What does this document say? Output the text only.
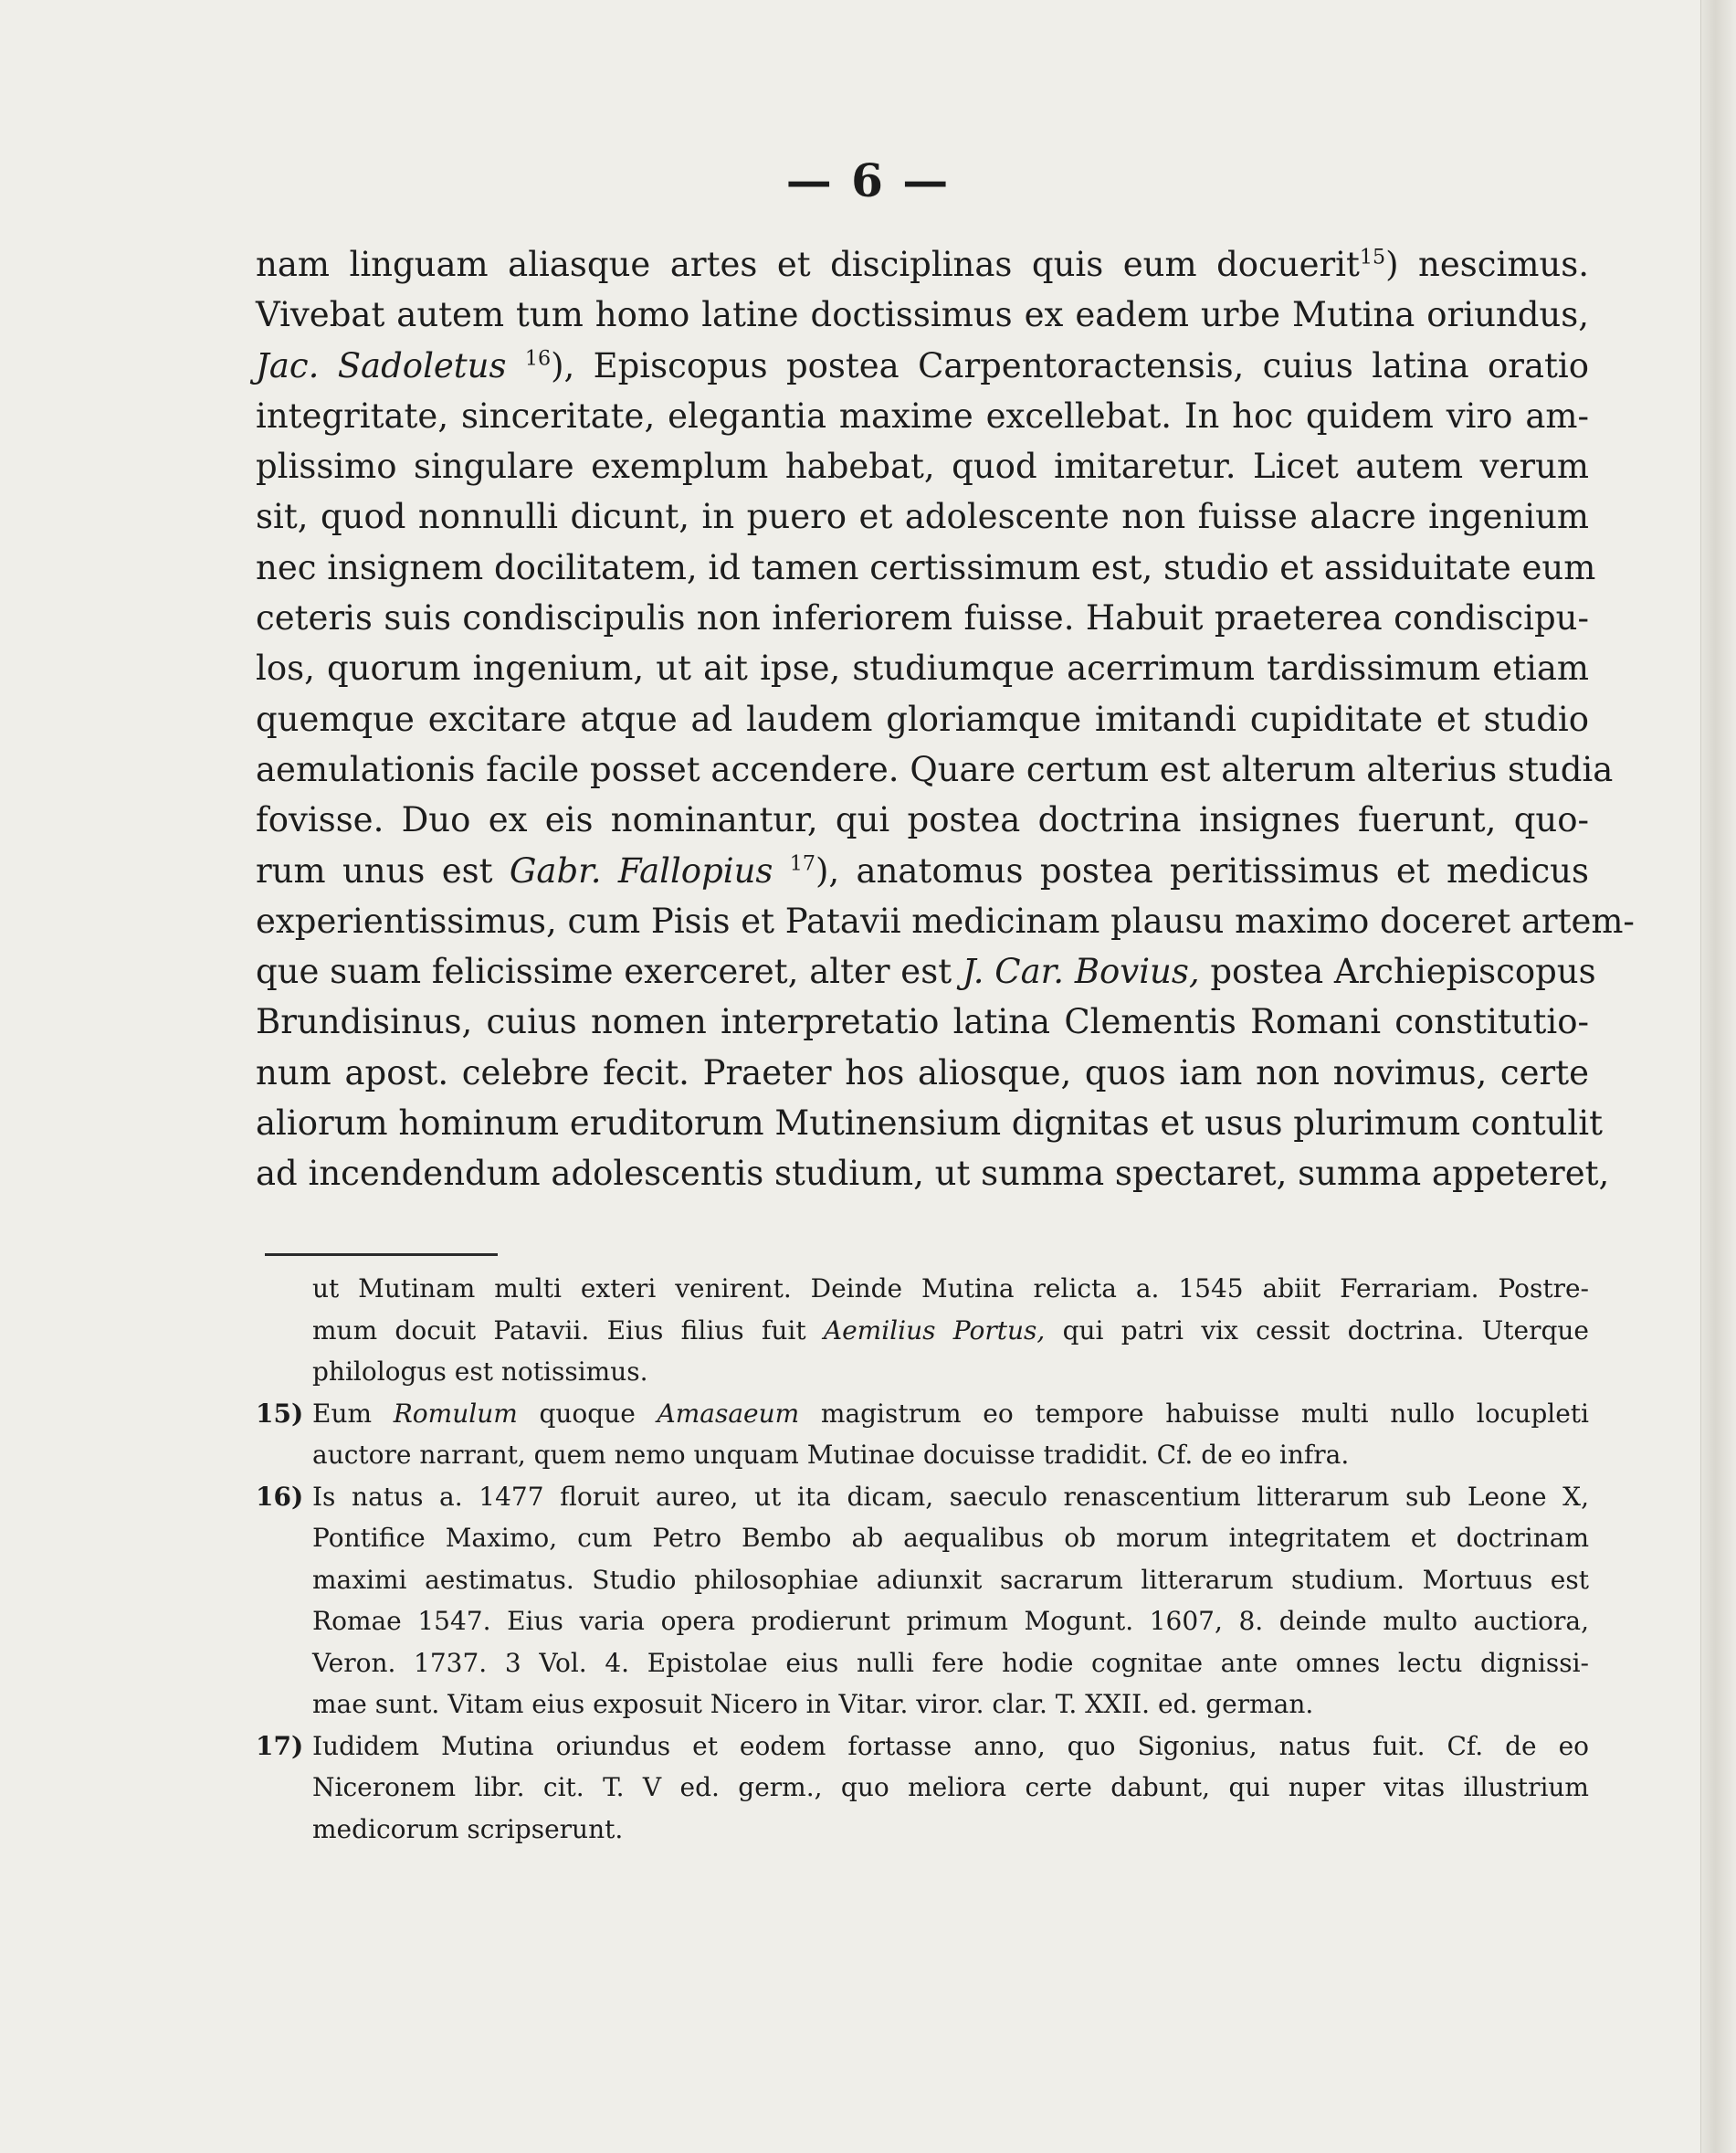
— 6 —
nam linguam aliasque artes et disciplinas quis eum docuerit$^{15}$) nescimus.
Vivebat autem tum homo latine doctissimus ex eadem urbe Mutina oriundus,
Jac. Sadoletus $^{16}$), Episcopus postea Carpentoractensis, cuius latina oratio
integritate, sinceritate, elegantia maxime excellebat. In hoc quidem viro am-
plissimo singulare exemplum habebat, quod imitaretur. Licet autem verum
sit, quod nonnulli dicunt, in puero et adolescente non fuisse alacre ingenium
nec insignem docilitatem, id tamen certissimum est, studio et assiduitate eum
ceteris suis condiscipulis non inferiorem fuisse. Habuit praeterea condiscipu-
los, quorum ingenium, ut ait ipse, studiumque acerrimum tardissimum etiam
quemque excitare atque ad laudem gloriamque imitandi cupiditate et studio
aemulationis facile posset accendere. Quare certum est alterum alterius studia
fovisse. Duo ex eis nominantur, qui postea doctrina insignes fuerunt, quo-
rum unus est Gabr. Fallopius $^{17}$), anatomus postea peritissimus et medicus
experientissimus, cum Pisis et Patavii medicinam plausu maximo doceret artem-
que suam felicissime exerceret, alter est J. Car. Bovius, postea Archiepiscopus
Brundisinus, cuius nomen interpretatio latina Clementis Romani constitutio-
num apost. celebre fecit. Praeter hos aliosque, quos iam non novimus, certe
aliorum hominum eruditorum Mutinensium dignitas et usus plurimum contulit
ad incendendum adolescentis studium, ut summa spectaret, summa appeteret,
ut Mutinam multi exteri venirent. Deinde Mutina relicta a. 1545 abiit Ferrariam. Postre-
mum docuit Patavii. Eius filius fuit Aemilius Portus, qui patri vix cessit doctrina. Uterque
philologus est notissimus.
15) Eum Romulum quoque Amasaeum magistrum eo tempore habuisse multi nullo locupleti
auctore narrant, quem nemo unquam Mutinae docuisse tradidit. Cf. de eo infra.
16) Is natus a. 1477 floruit aureo, ut ita dicam, saeculo renascentium litterarum sub Leone X,
Pontifice Maximo, cum Petro Bembo ab aequalibus ob morum integritatem et doctrinam
maximi aestimatus. Studio philosophiae adiunxit sacrarum litterarum studium. Mortuus est
Romae 1547. Eius varia opera prodierunt primum Mogunt. 1607, 8. deinde multo auctiora,
Veron. 1737. 3 Vol. 4. Epistolae eius nulli fere hodie cognitae ante omnes lectu dignissi-
mae sunt. Vitam eius exposuit Nicero in Vitar. viror. clar. T. XXII. ed. german.
17) Iudidem Mutina oriundus et eodem fortasse anno, quo Sigonius, natus fuit. Cf. de eo
Niceronem libr. cit. T. V ed. germ., quo meliora certe dabunt, qui nuper vitas illustrium
medicorum scripserunt.
